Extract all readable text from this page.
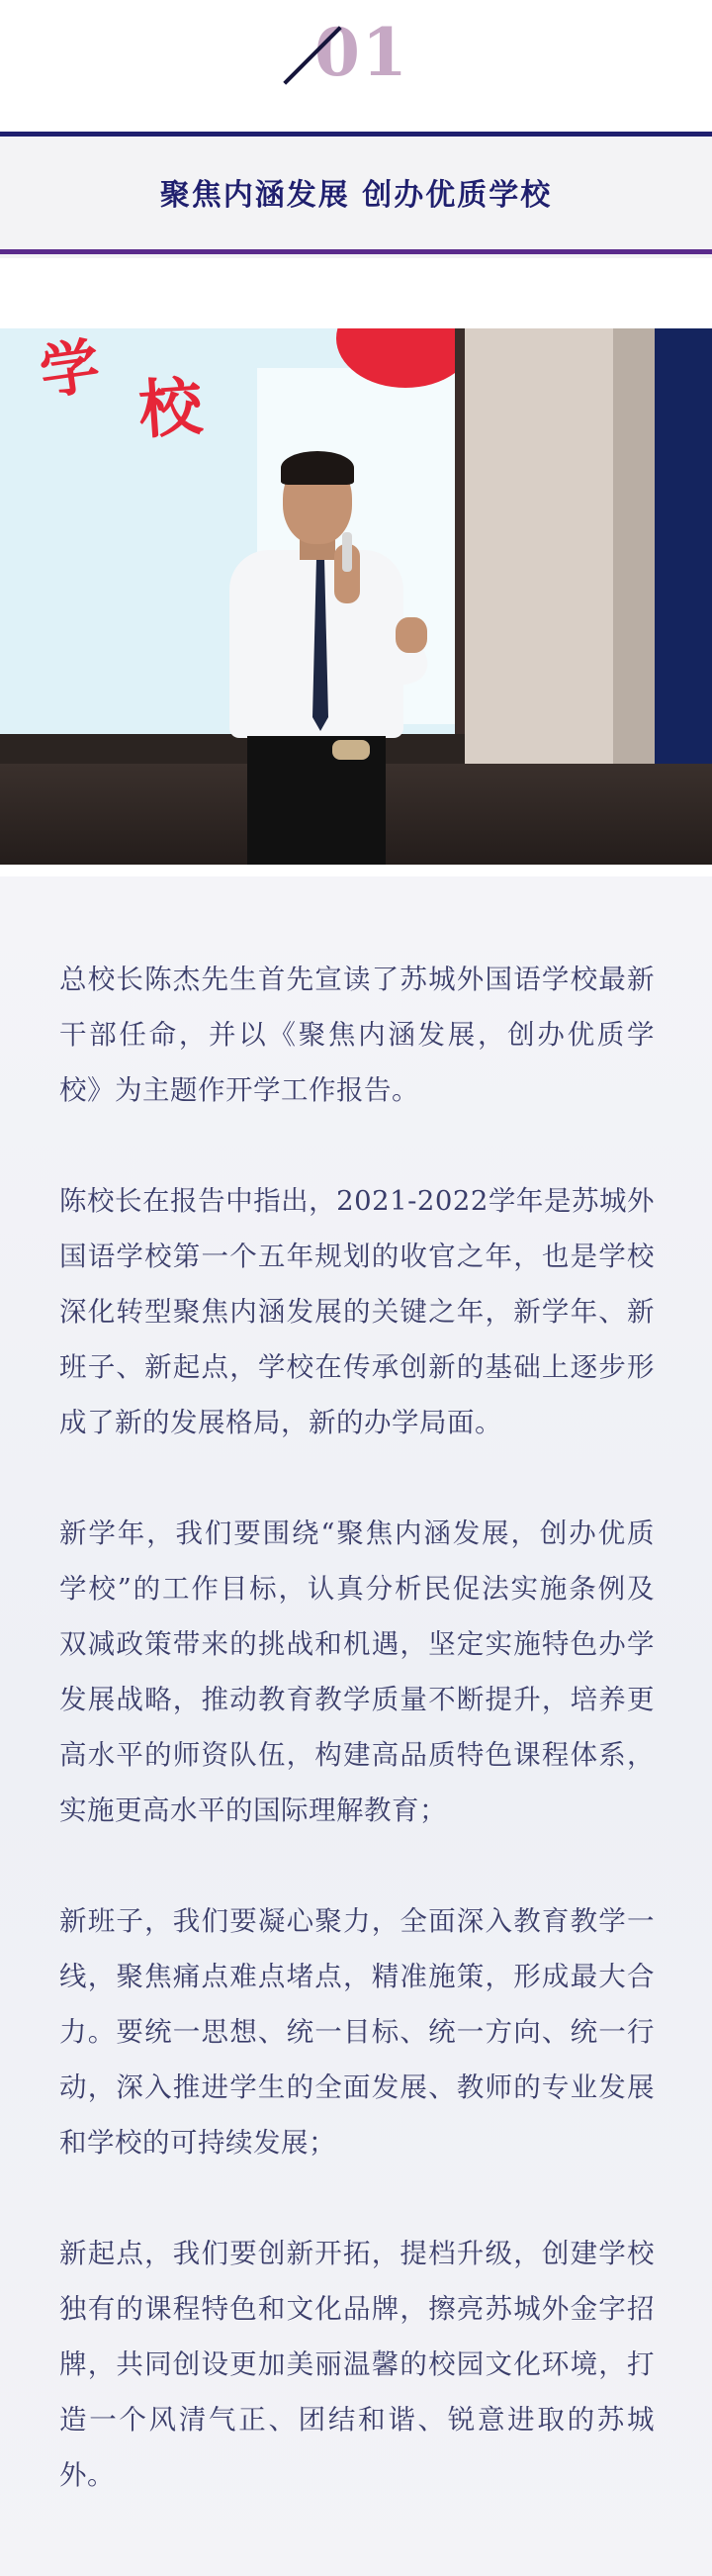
01
聚焦内涵发展 创办优质学校
学
校

总校长陈杰先生首先宣读了苏城外国语学校最新干部任命，并以《聚焦内涵发展，创办优质学校》为主题作开学工作报告。

陈校长在报告中指出，2021-2022学年是苏城外国语学校第一个五年规划的收官之年，也是学校深化转型聚焦内涵发展的关键之年，新学年、新班子、新起点，学校在传承创新的基础上逐步形成了新的发展格局，新的办学局面。

新学年，我们要围绕“聚焦内涵发展，创办优质学校”的工作目标，认真分析民促法实施条例及双减政策带来的挑战和机遇，坚定实施特色办学发展战略，推动教育教学质量不断提升，培养更高水平的师资队伍，构建高品质特色课程体系，实施更高水平的国际理解教育；

新班子，我们要凝心聚力，全面深入教育教学一线，聚焦痛点难点堵点，精准施策，形成最大合力。要统一思想、统一目标、统一方向、统一行动，深入推进学生的全面发展、教师的专业发展和学校的可持续发展；

新起点，我们要创新开拓，提档升级，创建学校独有的课程特色和文化品牌，擦亮苏城外金字招牌，共同创设更加美丽温馨的校园文化环境，打造一个风清气正、团结和谐、锐意进取的苏城外。
